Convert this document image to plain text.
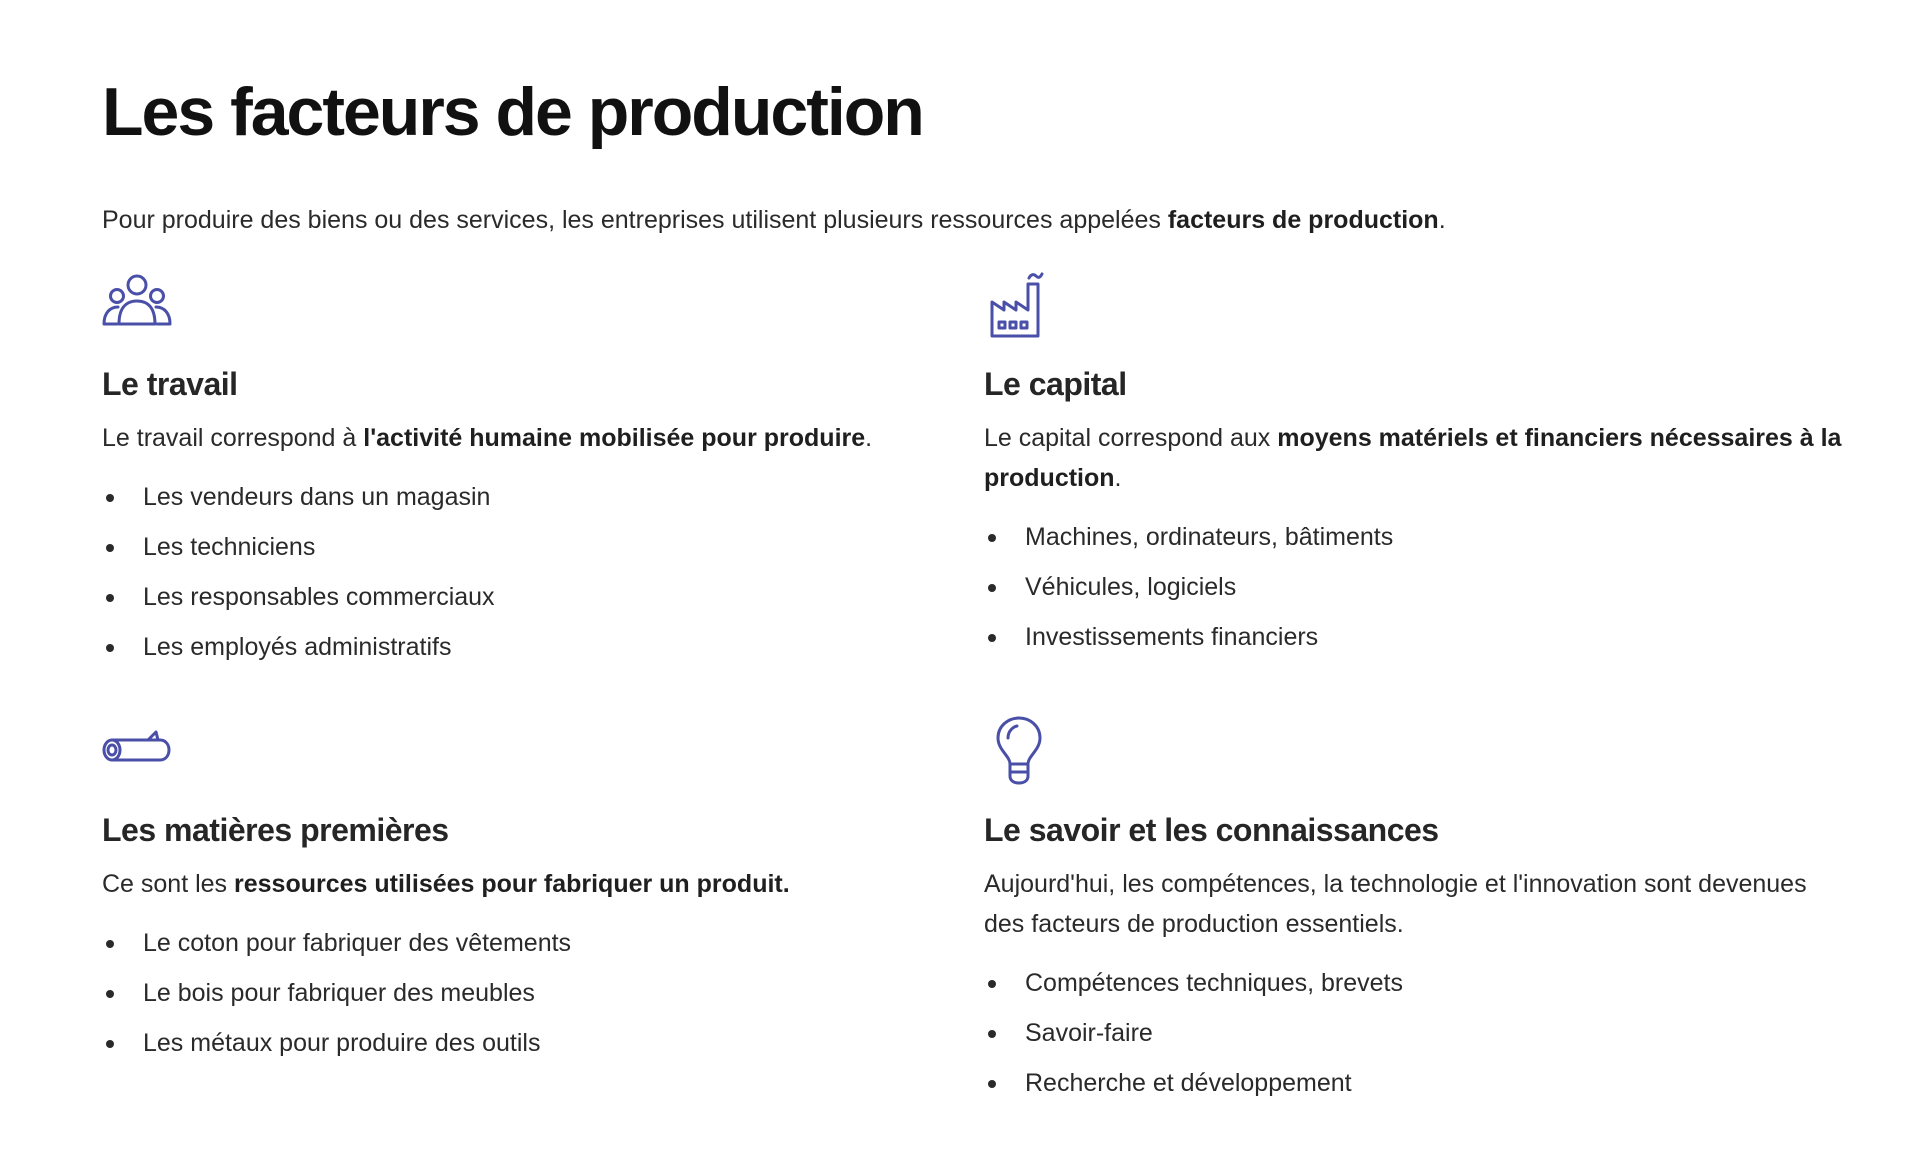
Les facteurs de production

Pour produire des biens ou des services, les entreprises utilisent plusieurs ressources appelées facteurs de production.

Le travail

Le travail correspond à l'activité humaine mobilisée pour produire.

Les vendeurs dans un magasin
Les techniciens
Les responsables commerciaux
Les employés administratifs
Le capital

Le capital correspond aux moyens matériels et financiers nécessaires à la production.

Machines, ordinateurs, bâtiments
Véhicules, logiciels
Investissements financiers
Les matières premières

Ce sont les ressources utilisées pour fabriquer un produit.

Le coton pour fabriquer des vêtements
Le bois pour fabriquer des meubles
Les métaux pour produire des outils
Le savoir et les connaissances

Aujourd'hui, les compétences, la technologie et l'innovation sont devenues des facteurs de production essentiels.

Compétences techniques, brevets
Savoir-faire
Recherche et développement
